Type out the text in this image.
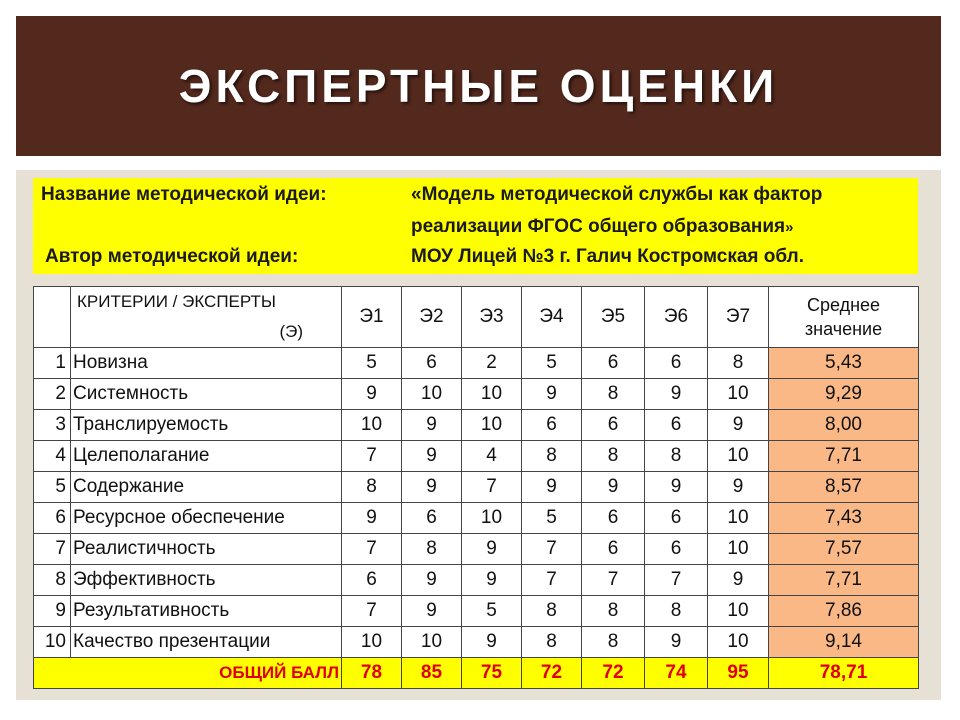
ЭКСПЕРТНЫЕ ОЦЕНКИ
Название методической идеи:	«Модель методической службы как фактор
реализации ФГОС общего образования»
Автор методической идеи:	МОУ Лицей №3 г. Галич Костромская обл.

	КРИТЕРИИ / ЭКСПЕРТЫ
(Э)	Э1	Э2	Э3	Э4	Э5	Э6	Э7	Среднее
значение

1	Новизна	5	6	2	5	6	6	8	5,43
2	Системность	9	10	10	9	8	9	10	9,29
3	Транслируемость	10	9	10	6	6	6	9	8,00
4	Целеполагание	7	9	4	8	8	8	10	7,71
5	Содержание	8	9	7	9	9	9	9	8,57
6	Ресурсное обеспечение	9	6	10	5	6	6	10	7,43
7	Реалистичность	7	8	9	7	6	6	10	7,57
8	Эффективность	6	9	9	7	7	7	9	7,71
9	Результативность	7	9	5	8	8	8	10	7,86
10	Качество презентации	10	10	9	8	8	9	10	9,14
ОБЩИЙ БАЛЛ		78	85	75	72	72	74	95	78,71
